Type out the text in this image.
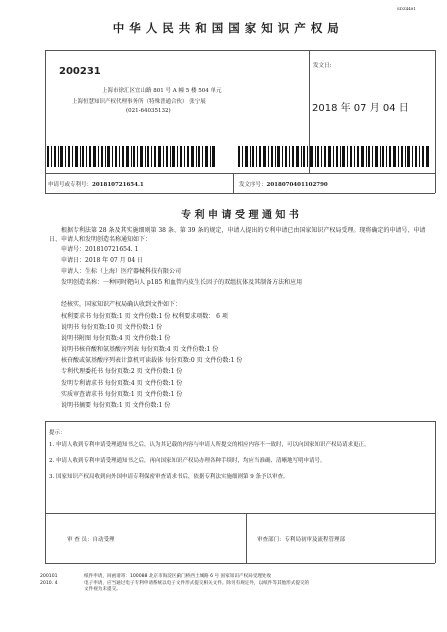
SDZ4481
中 华 人 民 共 和 国 国 家 知 识 产 权 局
200231
上海市徐汇区宜山路 801 号 A 幢 5 楼 504 单元
上海恒慧知识产权代理事务所（特殊普通合伙） 张宁展
(021-64035132)
发文日:
2018 年 07 月 04 日
申请号或专利号：201810721654.1	发文序号：2018070401102790
专 利 申 请 受 理 通 知 书
根据专利法第 28 条及其实施细则第 38 条、第 39 条的规定，申请人提出的专利申请已由国家知识产权局受理。现将确定的申请号、申请日、申请人和发明创造名称通知如下：
申请号：201810721654. 1
申请日：2018 年 07 月 04 日
申请人：生标（上海）医疗器械科技有限公司
发明创造名称：一种同时靶向人 p185 和血管内皮生长因子的双组抗体及其制备方法和应用
经核实，国家知识产权局确认收到文件如下：
权利要求书 每份页数:1 页 文件份数:1 份 权利要求项数： 6 项
说明书 每份页数:10 页 文件份数:1 份
说明书附图 每份页数:4 页 文件份数:1 份
说明书核苷酸和氨基酸序列表 每份页数:4 页 文件份数:1 份
核苷酸或氨基酸序列表计算机可读载体 每份页数:0 页 文件份数:1 份
专利代理委托书 每份页数:2 页 文件份数:1 份
发明专利请求书 每份页数:4 页 文件份数:1 份
实质审查请求书 每份页数:1 页 文件份数:1 份
说明书摘要 每份页数:1 页 文件份数:1 份
提示：
1. 申请人收到专利申请受理通知书之后，认为其记载的内容与申请人所提交的相应内容不一致时，可以向国家知识产权局请求更正。
2. 申请人收到专利申请受理通知书之后，再向国家知识产权局办理各种手续时，均应当准确、清晰地写明申请号。
3. 国家知识产权局收到向外国申请专利保密审查请求书后，依据专利法实施细则第 9 条予以审查。
审 查 员：自动受理	审查部门：专利局初审及流程管理部
200101
2010. 4
纸件申请，回函请寄：100088 北京市海淀区蓟门桥西土城路 6 号 国家知识产权局受理处收
电子申请，应当通过电子专利申请系统以电子文件形式提交相关文件。除另有规定外，以纸件等其他形式提交的
文件视为未提交。
